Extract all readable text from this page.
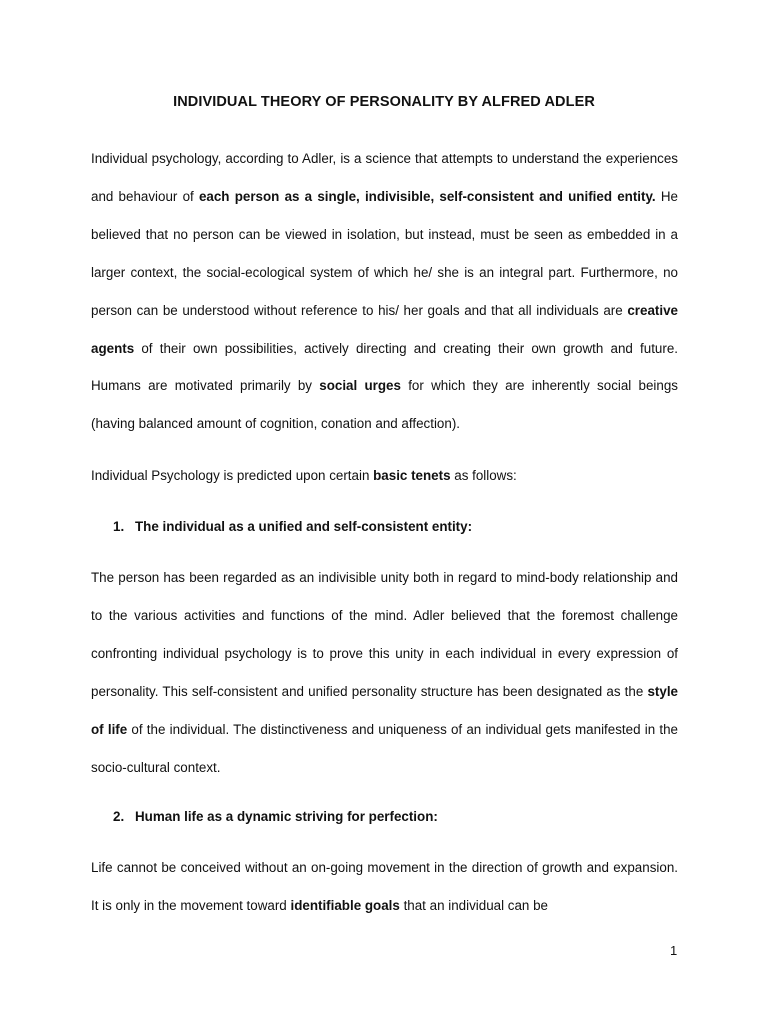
INDIVIDUAL THEORY OF PERSONALITY BY ALFRED ADLER

Individual psychology, according to Adler, is a science that attempts to understand the experiences and behaviour of each person as a single, indivisible, self-consistent and unified entity. He believed that no person can be viewed in isolation, but instead, must be seen as embedded in a larger context, the social-ecological system of which he/ she is an integral part. Furthermore, no person can be understood without reference to his/ her goals and that all individuals are creative agents of their own possibilities, actively directing and creating their own growth and future. Humans are motivated primarily by social urges for which they are inherently social beings (having balanced amount of cognition, conation and affection).

Individual Psychology is predicted upon certain basic tenets as follows:

1. The individual as a unified and self-consistent entity:

The person has been regarded as an indivisible unity both in regard to mind-body relationship and to the various activities and functions of the mind. Adler believed that the foremost challenge confronting individual psychology is to prove this unity in each individual in every expression of personality. This self-consistent and unified personality structure has been designated as the style of life of the individual. The distinctiveness and uniqueness of an individual gets manifested in the socio-cultural context.

2. Human life as a dynamic striving for perfection:

Life cannot be conceived without an on-going movement in the direction of growth and expansion. It is only in the movement toward identifiable goals that an individual can be

1
